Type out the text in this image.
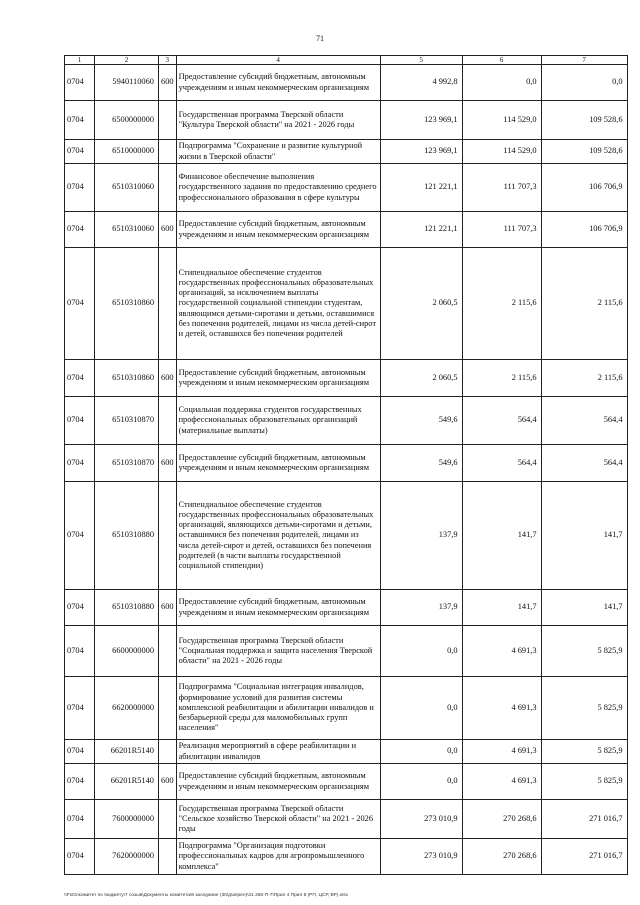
71
1	2	3	4	5	6	7
0704	5940110060	600	Предоставление субсидий бюджетным, автономным учреждениям и иным некоммерческим организациям	4 992,8	0,0	0,0
0704	6500000000		Государственная программа Тверской области "Культура Тверской области" на 2021 - 2026 годы	123 969,1	114 529,0	109 528,6
0704	6510000000		Подпрограмма "Сохранение и развитие культурной жизни в Тверской области"	123 969,1	114 529,0	109 528,6
0704	6510310060		Финансовое обеспечение выполнения государственного задания по предоставлению среднего профессионального образования в сфере культуры	121 221,1	111 707,3	106 706,9
0704	6510310060	600	Предоставление субсидий бюджетным, автономным учреждениям и иным некоммерческим организациям	121 221,1	111 707,3	106 706,9
0704	6510310860		Стипендиальное обеспечение студентов государственных профессиональных образовательных организаций, за исключением выплаты государственной социальной стипендии студентам, являющимся детьми-сиротами и детьми, оставшимися без попечения родителей, лицами из числа детей-сирот и детей, оставшихся без попечения родителей	2 060,5	2 115,6	2 115,6
0704	6510310860	600	Предоставление субсидий бюджетным, автономным учреждениям и иным некоммерческим организациям	2 060,5	2 115,6	2 115,6
0704	6510310870		Социальная поддержка студентов государственных профессиональных образовательных организаций (материальные выплаты)	549,6	564,4	564,4
0704	6510310870	600	Предоставление субсидий бюджетным, автономным учреждениям и иным некоммерческим организациям	549,6	564,4	564,4
0704	6510310880		Стипендиальное обеспечение студентов государственных профессиональных образовательных организаций, являющихся детьми-сиротами и детьми, оставшимися без попечения родителей, лицами из числа детей-сирот и детей, оставшихся без попечения родителей (в части выплаты государственной социальной стипендии)	137,9	141,7	141,7
0704	6510310880	600	Предоставление субсидий бюджетным, автономным учреждениям и иным некоммерческим организациям	137,9	141,7	141,7
0704	6600000000		Государственная программа Тверской области "Социальная поддержка и защита населения Тверской области" на 2021 - 2026 годы	0,0	4 691,3	5 825,9
0704	6620000000		Подпрограмма "Социальная интеграция инвалидов, формирование условий для развития системы комплексной реабилитации и абилитации инвалидов и безбарьерной среды для маломобильных групп населения"	0,0	4 691,3	5 825,9
0704	66201R5140		Реализация мероприятий в сфере реабилитации и абилитации инвалидов	0,0	4 691,3	5 825,9
0704	66201R5140	600	Предоставление субсидий бюджетным, автономным учреждениям и иным некоммерческим организациям	0,0	4 691,3	5 825,9
0704	7600000000		Государственная программа Тверской области "Сельское хозяйство Тверской области" на 2021 - 2026 годы	273 010,9	270 268,6	271 016,7
0704	7620000000		Подпрограмма "Организация подготовки профессиональных кадров для агропромышленного комплекса"	273 010,9	270 268,6	271 016,7
\\Fs01\комитет по бюджету\7 созыв\Документы комитета\8 заседание (30\д\апрел)\41 266-П-7\Прил 4 Прил 8 (РП, ЦСР, ВР).xlsx
